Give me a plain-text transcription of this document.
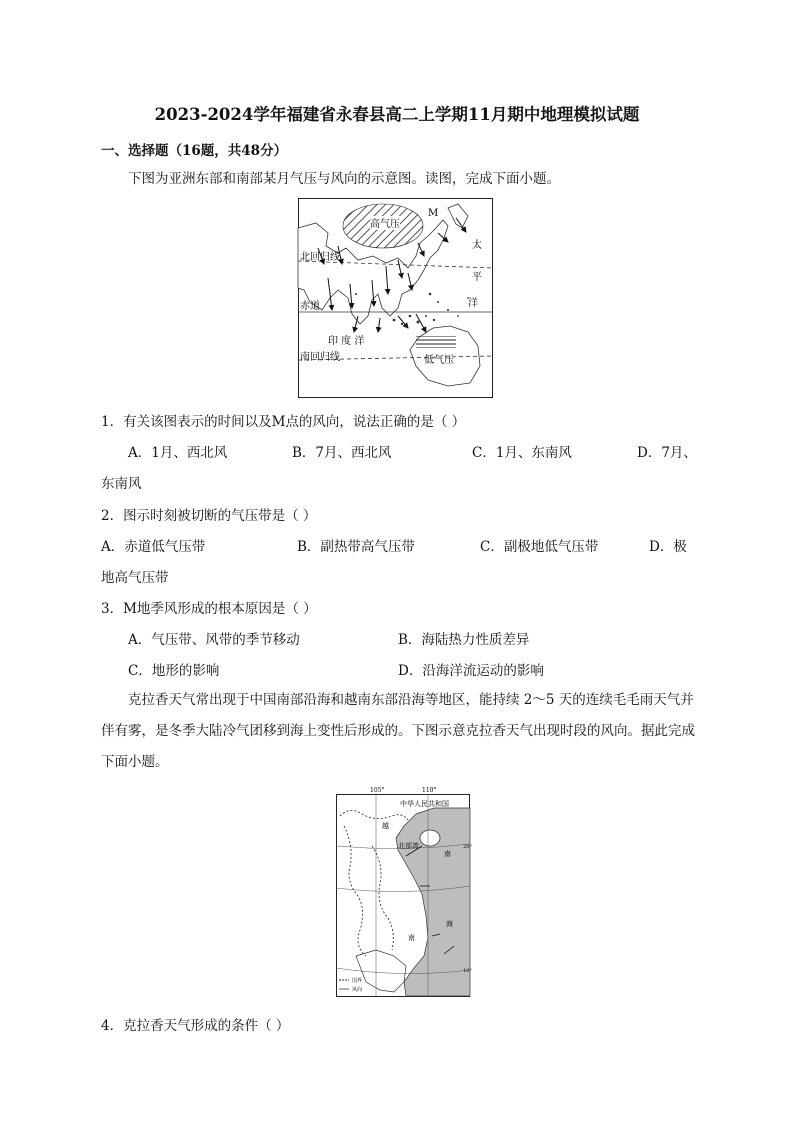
2023-2024学年福建省永春县高二上学期11月期中地理模拟试题
一、选择题（16题，共48分）
下图为亚洲东部和南部某月气压与风向的示意图。读图，完成下面小题。
高气压
低气压
M
北回归线
赤道
南回归线
印 度 洋
太
平
洋
1．有关该图表示的时间以及M点的风向，说法正确的是（ ）
A．1月、西北风	B．7月、西北风	C．1月、东南风	D．7月、
东南风
2．图示时刻被切断的气压带是（ ）
A．赤道低气压带	B．副热带高气压带	C．副极地低气压带	D．极
地高气压带
3．M地季风形成的根本原因是（ ）
A．气压带、风带的季节移动	B．海陆热力性质差异
C．地形的影响	D．沿海洋流运动的影响
克拉香天气常出现于中国南部沿海和越南东部沿海等地区，能持续 2～5 天的连续毛毛雨天气并伴有雾，是冬季大陆冷气团移到海上变性后形成的。下图示意克拉香天气出现时段的风向。据此完成下面小题。
105°	110°
中华人民共和国
北部湾
越
南
南
海
20°
10°
国界
风向
4．克拉香天气形成的条件（ ）
